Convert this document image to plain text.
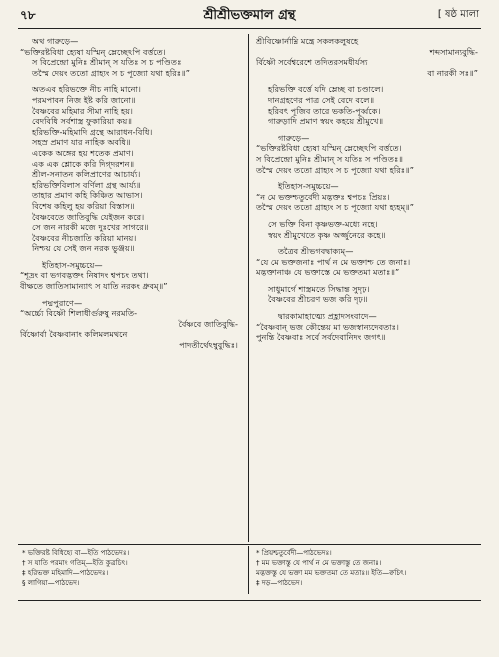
৭৮	শ্রীশ্রীভক্তমাল গ্রন্থ	[ ষষ্ঠ মালা
অথ গারুড়ে—
“ভক্তিরষ্টবিধা হ্যেষা যস্মিন্ ম্লেচ্ছেঽপি বর্ত্ততে।
স বিপ্রেন্দ্রো মুনিঃ শ্রীমান্ স যতিঃ স চ পণ্ডিতঃ
তস্মৈ দেয়ং ততো গ্রাহ্যং স চ পূজ্যো যথা হরিঃ॥”
অতএব হরিভক্তে নীচ নাহি মানো।
পরমপাবন নিজ ইষ্ট করি জানো॥
বৈষ্ণবের মহিমার সীমা নাহি হয়।
বেদবিধি সর্বশাস্ত্র ফুকারিয়া কয়॥
হরিভক্তি-মহিমাদি গ্রন্থে আরাধন-বিধি।
সহস্র প্রমাণ যার নাহিক অবধি॥
একেক অঙ্গের হয় শতেক প্রমাণ।
এক এক শ্লোকে করি দিগ্‌দরশন॥
শ্রীল-সনাতন কলিপ্রাণের আচার্য্য।
হরিভক্তিবিলাস বর্ণিলা গ্রন্থ আর্য্য॥
তাহার প্রমাণ কহি কিঞ্চিত আভাস।
বিশেষ কহিলু হয় করিয়া বিস্তাস॥
বৈষ্ণবেতে জাতিবুদ্ধি যেইজন করে।
সে জন নারকী মজে দুঃখের সাগরে॥
বৈষ্ণবের নীচজাতি করিয়া মানয়।
নিশ্চয় যে সেই জন নরক ভুঞ্জয়॥
ইতিহাস-সমুচ্চয়ে—
“শূদ্রং বা ভগবদ্ভক্তং নিষাদং শ্বপচং তথা।
বীক্ষতে জাতিসামান্যাৎ স যাতি নরকং ধ্রুবম্॥”
পদ্মপুরাণে—
“অর্চ্চ্যে বিষ্ণৌ শিলাধীর্গুরুষু নরমতি-
র্বৈষ্ণবে জাতিবুদ্ধি-
র্বিষ্ণোর্বা বৈষ্ণবানাং কলিমলমথনে
পাদতীর্থেঽম্বুবুদ্ধিঃ।
শ্রীবিষ্ণোর্নাম্নি মন্ত্রে সকলকলুষহে
শব্দসামান্যবুদ্ধি-
র্বিষ্ণৌ সর্বেশ্বরেশে তদিতরসমধীর্যস্য
বা নারকী সঃ॥”
হরিভক্তি বর্ত্তে যদি ম্লেচ্ছ বা চণ্ডালে।
দানগ্রহণের পাত্র সেই বেদে বলে॥
হরিবৎ পূজিব তারে ভকতি-পূর্ব্বকে।
গারুড়াদি প্রমাণ স্বয়ং কহয়ে শ্রীমুখে॥
গারুড়ে—
“ভক্তিরষ্টবিধা হ্যেষা যস্মিন্ ম্লেচ্ছেঽপি বর্ত্ততে।
স বিপ্রেন্দ্রো মুনিঃ শ্রীমান্ স যতিঃ স পণ্ডিতঃ॥
তস্মৈ দেয়ং ততো গ্রাহ্যং স চ পূজ্যো যথা হরিঃ॥”
ইতিহাস-সমুচ্চয়ে—
“ন মে ভক্তশ্চতুর্বেদী মদ্ভক্তঃ শ্বপচঃ প্রিয়ঃ।
তস্মৈ দেয়ং ততো গ্রাহ্যং স চ পূজ্যো যথা হ্যহম্॥”
সে ভক্তি বিনা কৃষ্ণভক্ত-মধ্যে নহে।
স্বয়ং শ্রীমুখেতে কৃষ্ণ অর্জ্জুনেরে কহে॥
তত্রৈব শ্রীভগবদ্বাক্যম্—
“যে মে ভক্তজনাঃ পার্থ ন মে ভক্তাশ্চ তে জনাঃ।
মদ্ভক্তানাঞ্চ যে ভক্তাস্তে মে ভক্ততমা মতাঃ॥”
সাধুমার্গে শাস্ত্রমতে সিদ্ধান্ত সুদৃঢ়।
বৈষ্ণবের শ্রীচরণ ভজ করি দৃঢ়॥
দ্বারকামাহাত্ম্যে প্রহ্লাদসংবাদে—
“বৈষ্ণবান্ ভজ কৌন্তেয় মা ভজস্বান্যদেবতাঃ।
পুনন্তি বৈষ্ণবাঃ সর্বে সর্বদেবানিদং জগৎ॥
* ভক্তিরষ্ট বিধিহ্যে বা—ইতি পাঠভেদঃ।
† স যাতি পরমাং গতিম্—ইতি কুত্রচিৎ।
‡ হরিভক্ত মহিমাদি—পাঠভেদঃ।
§ লাগিয়া—পাঠভেদ।
* প্রিয়শ্চতুর্বেদী—পাঠভেদঃ।
† মম ভক্তাস্তু যে পার্থ ন মে ভক্তাস্তু তে জনাঃ।
মদ্ভক্তস্তু যে ভক্তা মম ভক্ততমা তে মতাঃ॥ ইতি—ক্বচিৎ।
‡ দড়—পাঠভেদ।
